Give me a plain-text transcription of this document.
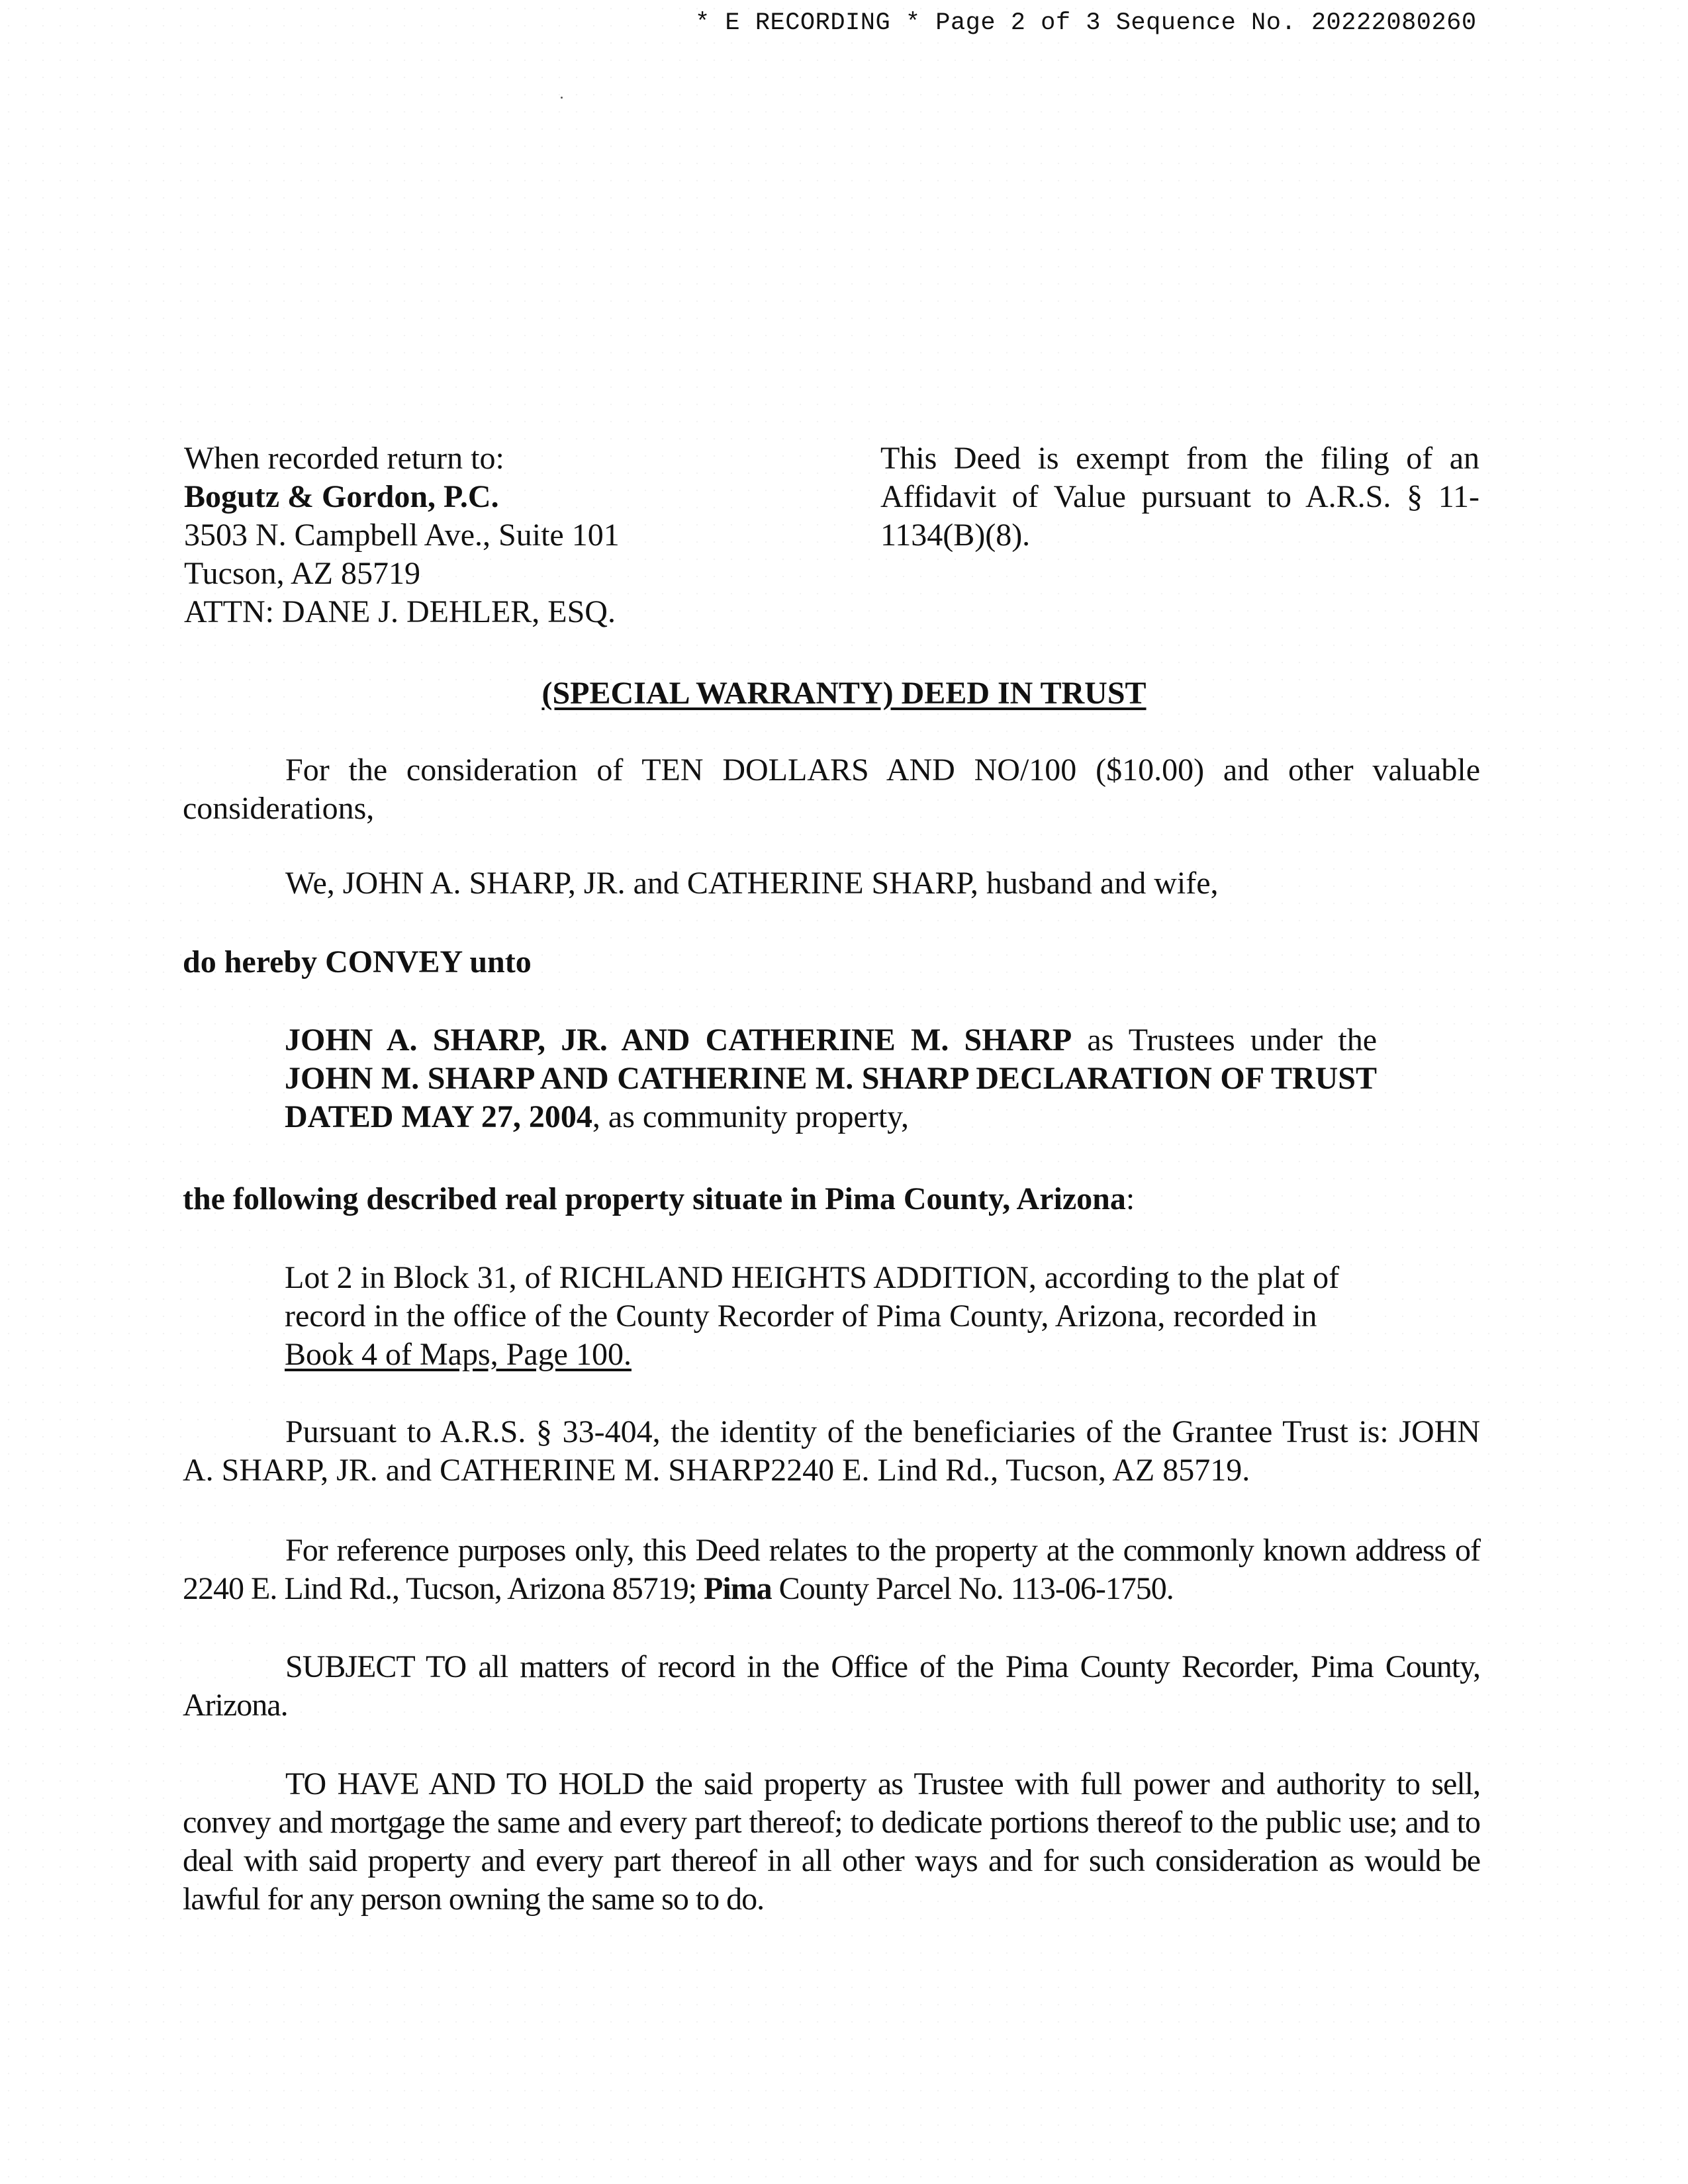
* E RECORDING * Page 2 of 3 Sequence No. 20222080260
When recorded return to:
Bogutz & Gordon, P.C.
3503 N. Campbell Ave., Suite 101
Tucson, AZ 85719
ATTN: DANE J. DEHLER, ESQ.
This Deed is exempt from the filing of an Affidavit of Value pursuant to A.R.S. § 11-1134(B)(8).
(SPECIAL WARRANTY) DEED IN TRUST
For the consideration of TEN DOLLARS AND NO/100 ($10.00) and other valuable considerations,
We, JOHN A. SHARP, JR. and CATHERINE SHARP, husband and wife,
do hereby CONVEY unto
JOHN A. SHARP, JR. AND CATHERINE M. SHARP as Trustees under the JOHN M. SHARP AND CATHERINE M. SHARP DECLARATION OF TRUST DATED MAY 27, 2004, as community property,
the following described real property situate in Pima County, Arizona:
Lot 2 in Block 31, of RICHLAND HEIGHTS ADDITION, according to the plat of record in the office of the County Recorder of Pima County, Arizona, recorded in Book 4 of Maps, Page 100.
Pursuant to A.R.S. § 33-404, the identity of the beneficiaries of the Grantee Trust is: JOHN A. SHARP, JR. and CATHERINE M. SHARP2240 E. Lind Rd., Tucson, AZ 85719.
For reference purposes only, this Deed relates to the property at the commonly known address of 2240 E. Lind Rd., Tucson, Arizona 85719; Pima County Parcel No. 113-06-1750.
SUBJECT TO all matters of record in the Office of the Pima County Recorder, Pima County, Arizona.
TO HAVE AND TO HOLD the said property as Trustee with full power and authority to sell, convey and mortgage the same and every part thereof; to dedicate portions thereof to the public use; and to deal with said property and every part thereof in all other ways and for such consideration as would be lawful for any person owning the same so to do.
